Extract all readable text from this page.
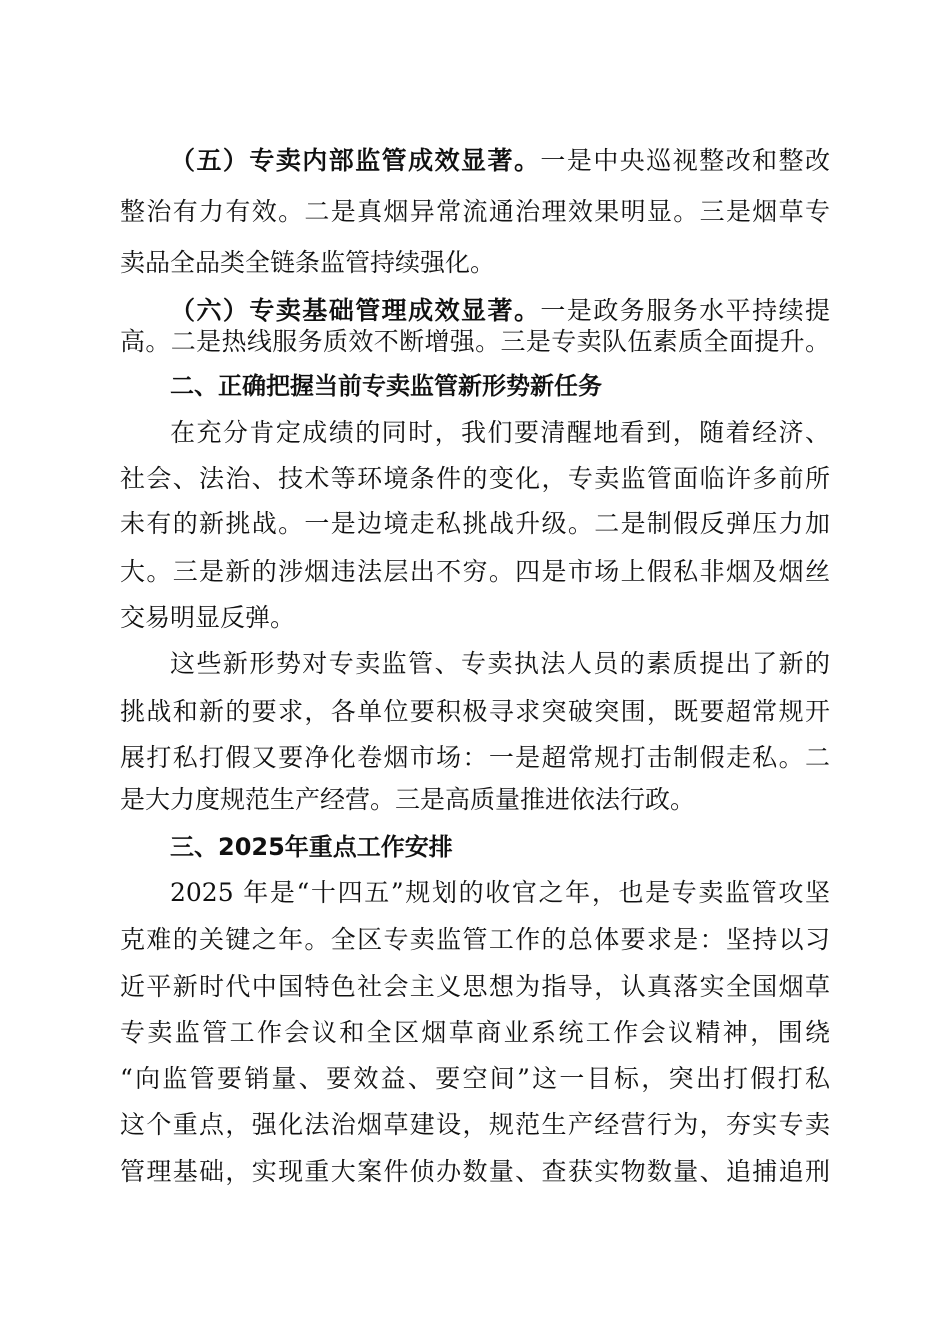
（五）专卖内部监管成效显著。一是中央巡视整改和整改
整治有力有效。二是真烟异常流通治理效果明显。三是烟草专
卖品全品类全链条监管持续强化。
（六）专卖基础管理成效显著。一是政务服务水平持续提
高。二是热线服务质效不断增强。三是专卖队伍素质全面提升。
二、正确把握当前专卖监管新形势新任务
在充分肯定成绩的同时，我们要清醒地看到，随着经济、
社会、法治、技术等环境条件的变化，专卖监管面临许多前所
未有的新挑战。一是边境走私挑战升级。二是制假反弹压力加
大。三是新的涉烟违法层出不穷。四是市场上假私非烟及烟丝
交易明显反弹。
这些新形势对专卖监管、专卖执法人员的素质提出了新的
挑战和新的要求，各单位要积极寻求突破突围，既要超常规开
展打私打假又要净化卷烟市场：一是超常规打击制假走私。二
是大力度规范生产经营。三是高质量推进依法行政。
三、2025年重点工作安排
2025 年是“十四五”规划的收官之年，也是专卖监管攻坚
克难的关键之年。全区专卖监管工作的总体要求是：坚持以习
近平新时代中国特色社会主义思想为指导，认真落实全国烟草
专卖监管工作会议和全区烟草商业系统工作会议精神，围绕
“向监管要销量、要效益、要空间”这一目标，突出打假打私
这个重点，强化法治烟草建设，规范生产经营行为，夯实专卖
管理基础，实现重大案件侦办数量、查获实物数量、追捕追刑
